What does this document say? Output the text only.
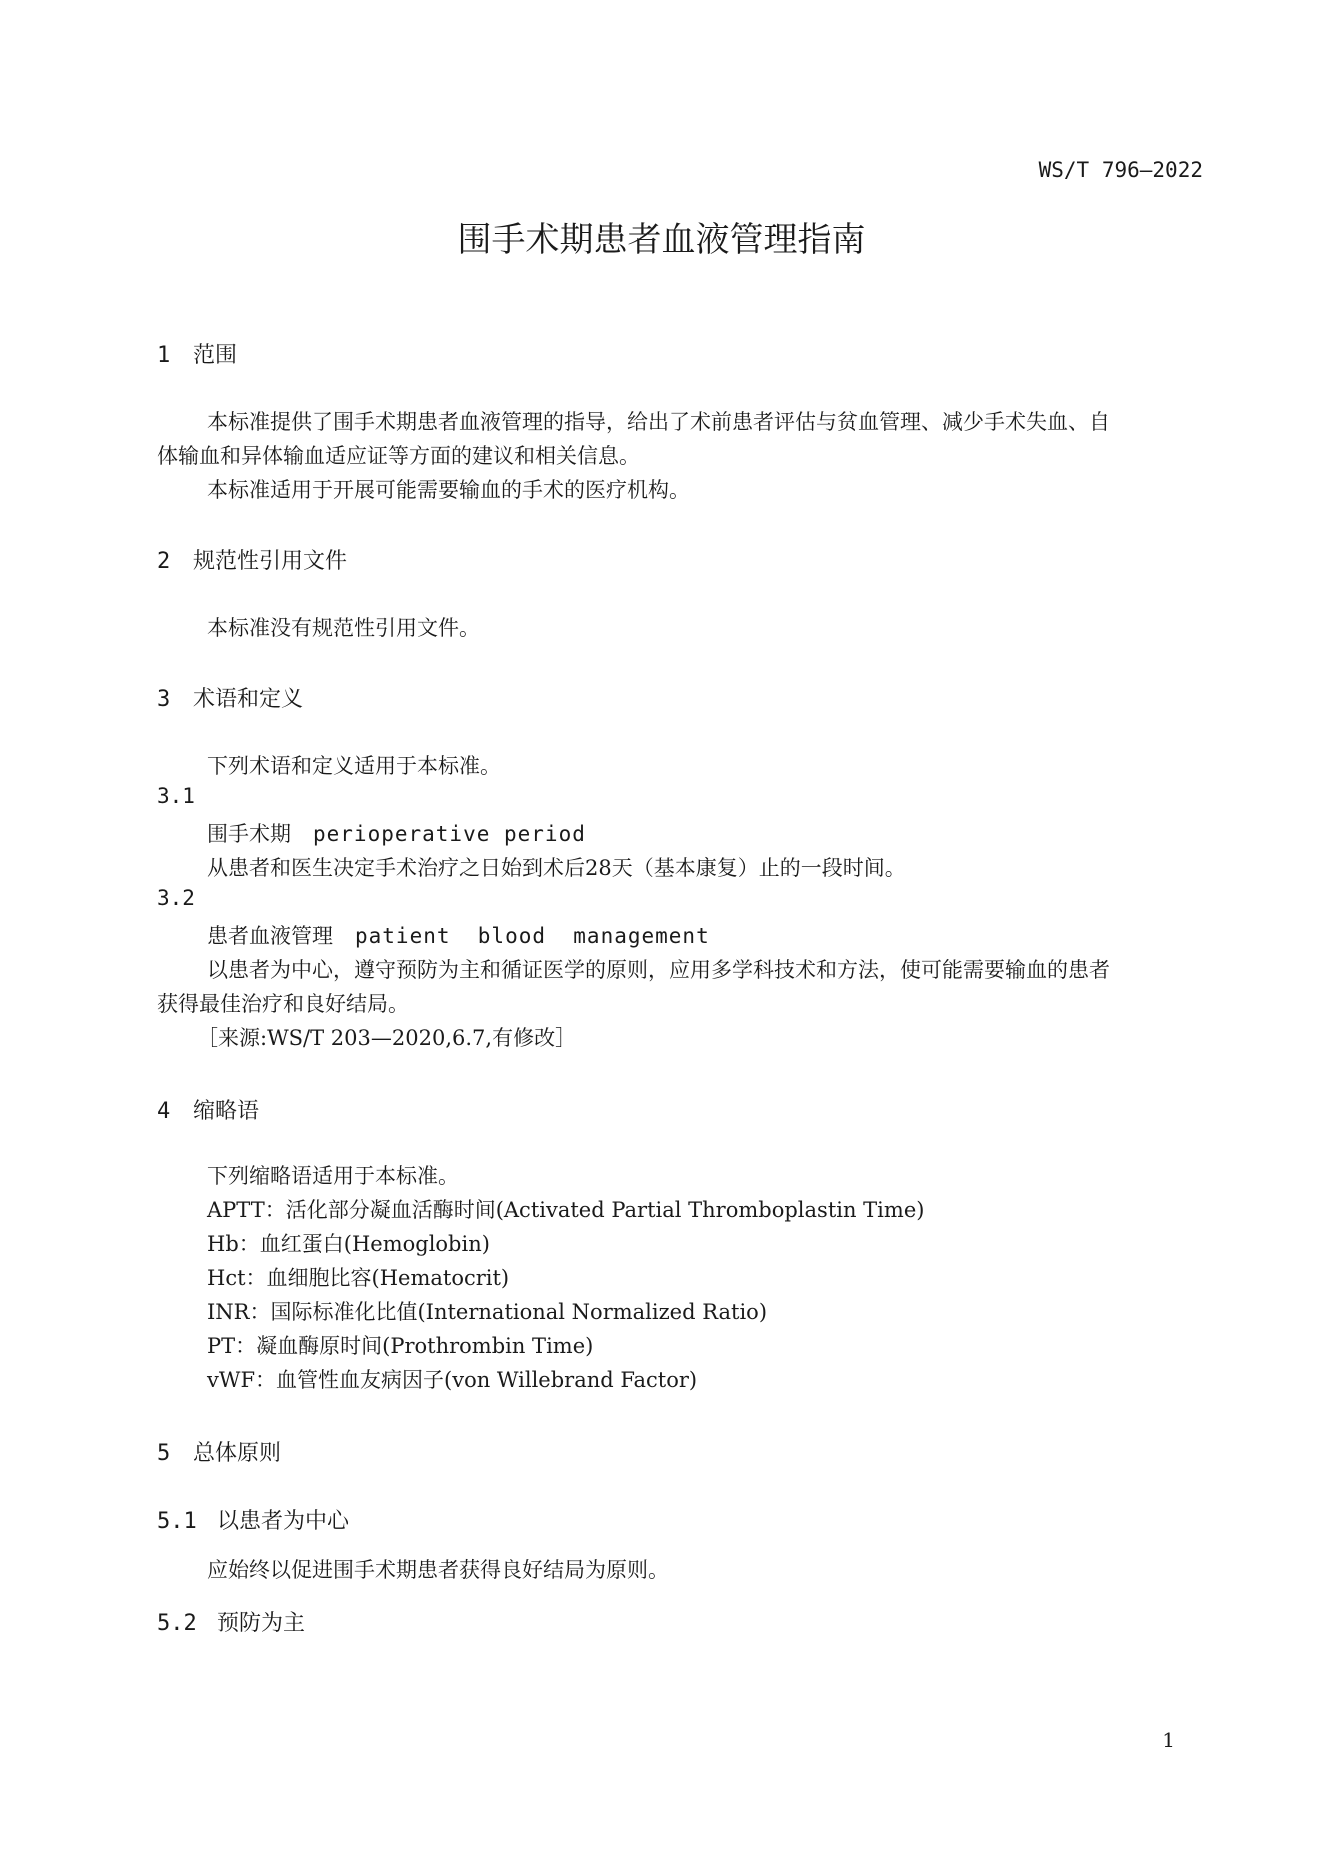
WS/T 796—2022
围手术期患者血液管理指南
1 范围
本标准提供了围手术期患者血液管理的指导，给出了术前患者评估与贫血管理、减少手术失血、自
体输血和异体输血适应证等方面的建议和相关信息。
本标准适用于开展可能需要输血的手术的医疗机构。
2 规范性引用文件
本标准没有规范性引用文件。
3 术语和定义
下列术语和定义适用于本标准。
3.1
围手术期 perioperative period
从患者和医生决定手术治疗之日始到术后28天（基本康复）止的一段时间。
3.2
患者血液管理 patient  blood  management
以患者为中心，遵守预防为主和循证医学的原则，应用多学科技术和方法，使可能需要输血的患者
获得最佳治疗和良好结局。
［来源:WS/T 203—2020,6.7,有修改］
4 缩略语
下列缩略语适用于本标准。
APTT：活化部分凝血活酶时间(Activated Partial Thromboplastin Time)
Hb：血红蛋白(Hemoglobin)
Hct：血细胞比容(Hematocrit)
INR：国际标准化比值(International Normalized Ratio)
PT：凝血酶原时间(Prothrombin Time)
vWF：血管性血友病因子(von Willebrand Factor)
5 总体原则
5.1 以患者为中心
应始终以促进围手术期患者获得良好结局为原则。
5.2 预防为主
1
